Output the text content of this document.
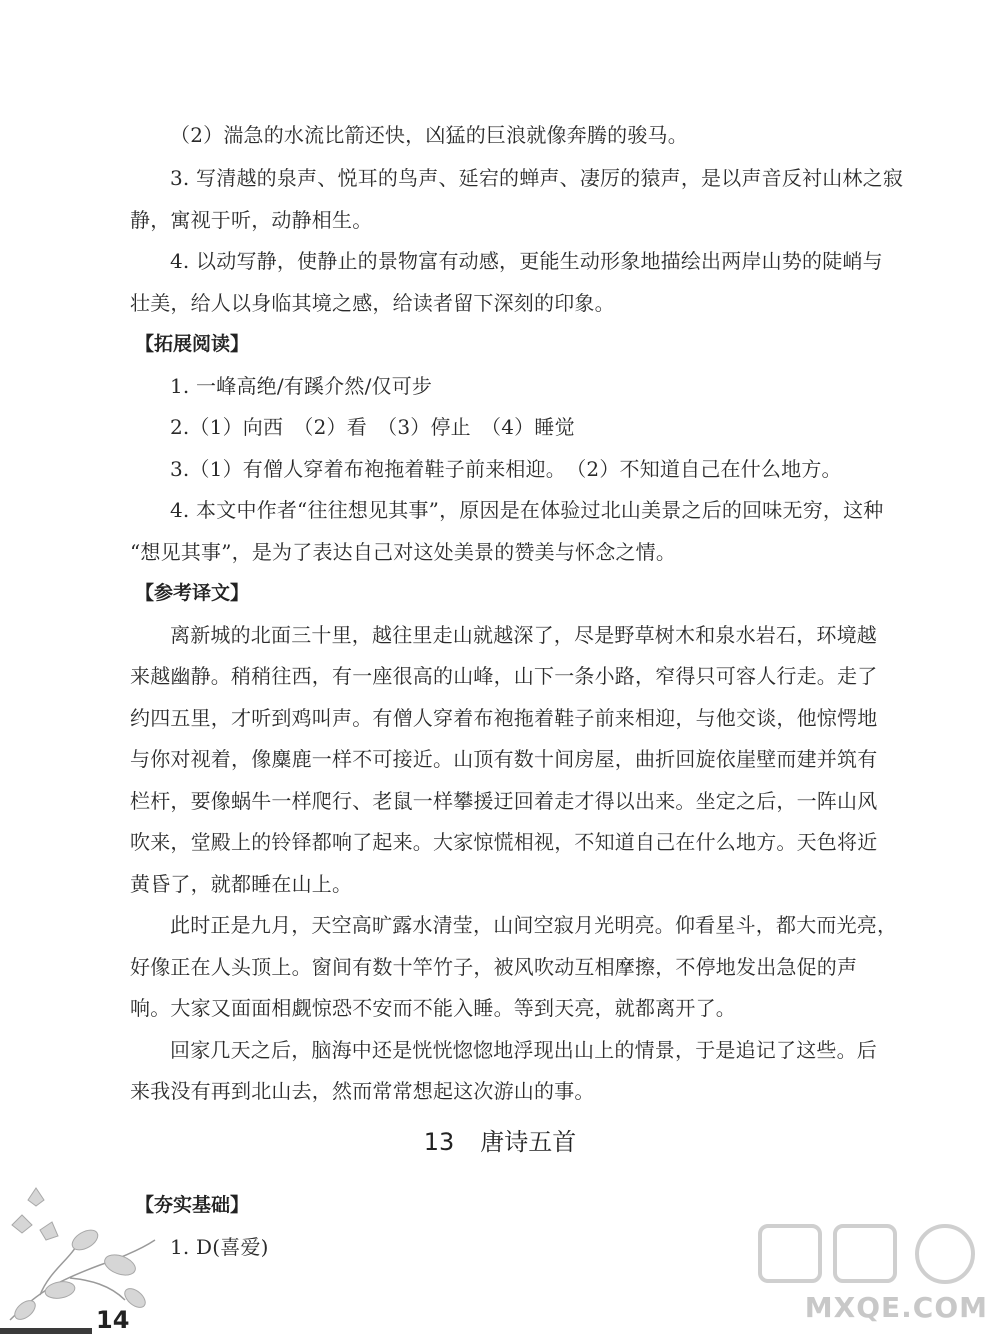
（2）湍急的水流比箭还快，凶猛的巨浪就像奔腾的骏马。
3. 写清越的泉声、悦耳的鸟声、延宕的蝉声、凄厉的猿声，是以声音反衬山林之寂
静，寓视于听，动静相生。
4. 以动写静，使静止的景物富有动感，更能生动形象地描绘出两岸山势的陡峭与
壮美，给人以身临其境之感，给读者留下深刻的印象。
【拓展阅读】
1. 一峰高绝/有蹊介然/仅可步
2.（1）向西　（2）看　（3）停止　（4）睡觉
3.（1）有僧人穿着布袍拖着鞋子前来相迎。　（2）不知道自己在什么地方。
4. 本文中作者“往往想见其事”，原因是在体验过北山美景之后的回味无穷，这种
“想见其事”，是为了表达自己对这处美景的赞美与怀念之情。
【参考译文】
离新城的北面三十里，越往里走山就越深了，尽是野草树木和泉水岩石，环境越
来越幽静。稍稍往西，有一座很高的山峰，山下一条小路，窄得只可容人行走。走了
约四五里，才听到鸡叫声。有僧人穿着布袍拖着鞋子前来相迎，与他交谈，他惊愕地
与你对视着，像麋鹿一样不可接近。山顶有数十间房屋，曲折回旋依崖壁而建并筑有
栏杆，要像蜗牛一样爬行、老鼠一样攀援迂回着走才得以出来。坐定之后，一阵山风
吹来，堂殿上的铃铎都响了起来。大家惊慌相视，不知道自己在什么地方。天色将近
黄昏了，就都睡在山上。
此时正是九月，天空高旷露水清莹，山间空寂月光明亮。仰看星斗，都大而光亮，
好像正在人头顶上。窗间有数十竿竹子，被风吹动互相摩擦，不停地发出急促的声
响。大家又面面相觑惊恐不安而不能入睡。等到天亮，就都离开了。
回家几天之后，脑海中还是恍恍惚惚地浮现出山上的情景，于是追记了这些。后
来我没有再到北山去，然而常常想起这次游山的事。
13 唐诗五首
【夯实基础】
1. D(喜爱)
MXQE.COM
14
